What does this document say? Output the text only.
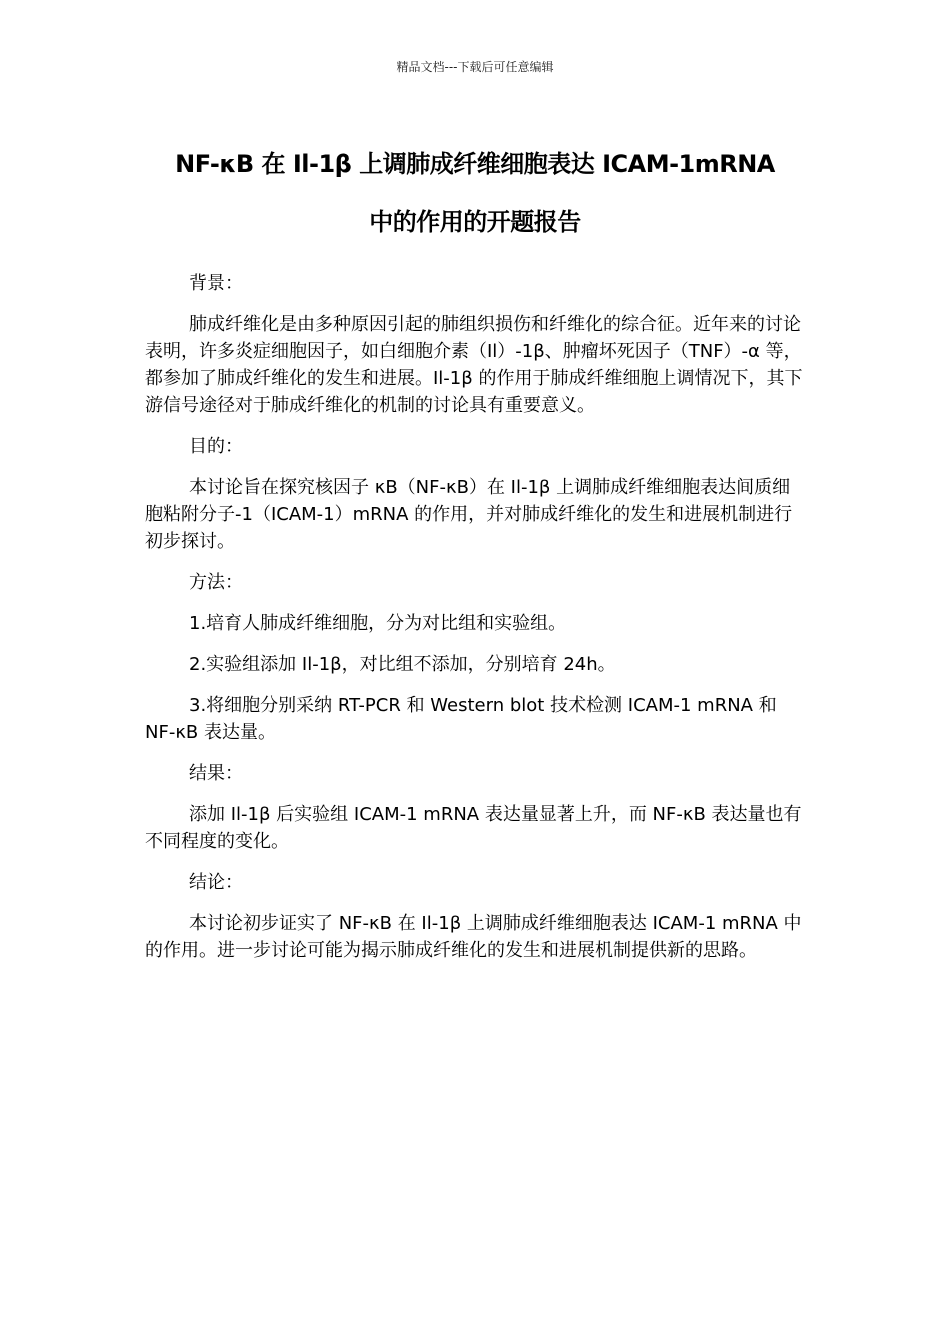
精品文档---下载后可任意编辑
NF-κB 在 Il-1β 上调肺成纤维细胞表达 ICAM-1mRNA
中的作用的开题报告

背景：

肺成纤维化是由多种原因引起的肺组织损伤和纤维化的综合征。近年来的讨论表明，许多炎症细胞因子，如白细胞介素（Il）-1β、肿瘤坏死因子（TNF）-α 等，都参加了肺成纤维化的发生和进展。Il-1β 的作用于肺成纤维细胞上调情况下，其下游信号途径对于肺成纤维化的机制的讨论具有重要意义。

目的：

本讨论旨在探究核因子 κB（NF-κB）在 Il-1β 上调肺成纤维细胞表达间质细胞粘附分子-1（ICAM-1）mRNA 的作用，并对肺成纤维化的发生和进展机制进行初步探讨。

方法：

1.培育人肺成纤维细胞，分为对比组和实验组。

2.实验组添加 Il-1β，对比组不添加，分别培育 24h。

3.将细胞分别采纳 RT-PCR 和 Western blot 技术检测 ICAM-1 mRNA 和 NF-κB 表达量。

结果：

添加 Il-1β 后实验组 ICAM-1 mRNA 表达量显著上升，而 NF-κB 表达量也有不同程度的变化。

结论：

本讨论初步证实了 NF-κB 在 Il-1β 上调肺成纤维细胞表达 ICAM-1 mRNA 中的作用。进一步讨论可能为揭示肺成纤维化的发生和进展机制提供新的思路。
